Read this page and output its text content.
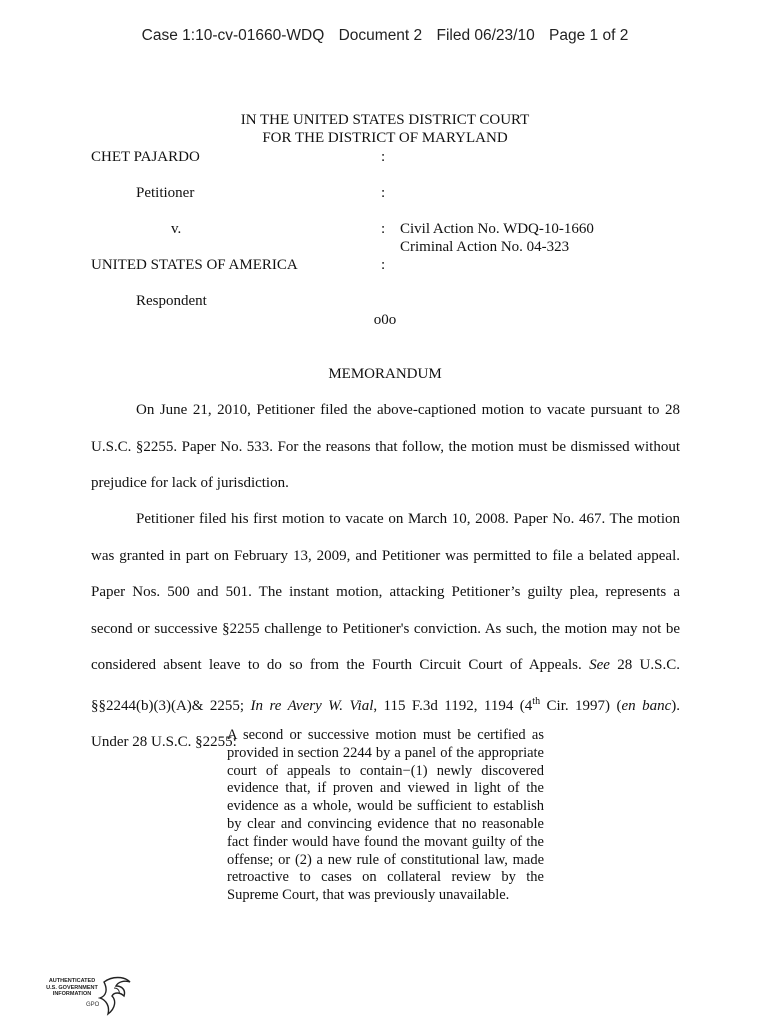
Case 1:10-cv-01660-WDQ Document 2 Filed 06/23/10 Page 1 of 2
IN THE UNITED STATES DISTRICT COURT
FOR THE DISTRICT OF MARYLAND
CHET PAJARDO	:
Petitioner	:
v.	: Civil Action No. WDQ-10-1660
Criminal Action No. 04-323
UNITED STATES OF AMERICA	:
Respondent
o0o
MEMORANDUM
On June 21, 2010, Petitioner filed the above-captioned motion to vacate pursuant to 28 U.S.C. §2255. Paper No. 533. For the reasons that follow, the motion must be dismissed without prejudice for lack of jurisdiction.
Petitioner filed his first motion to vacate on March 10, 2008. Paper No. 467. The motion was granted in part on February 13, 2009, and Petitioner was permitted to file a belated appeal. Paper Nos. 500 and 501. The instant motion, attacking Petitioner’s guilty plea, represents a second or successive §2255 challenge to Petitioner's conviction. As such, the motion may not be considered absent leave to do so from the Fourth Circuit Court of Appeals. See 28 U.S.C. §§2244(b)(3)(A)& 2255; In re Avery W. Vial, 115 F.3d 1192, 1194 (4th Cir. 1997) (en banc). Under 28 U.S.C. §2255:
A second or successive motion must be certified as provided in section 2244 by a panel of the appropriate court of appeals to contain−(1) newly discovered evidence that, if proven and viewed in light of the evidence as a whole, would be sufficient to establish by clear and convincing evidence that no reasonable fact finder would have found the movant guilty of the offense; or (2) a new rule of constitutional law, made retroactive to cases on collateral review by the Supreme Court, that was previously unavailable.
AUTHENTICATED
U.S. GOVERNMENT
INFORMATION
GPO
